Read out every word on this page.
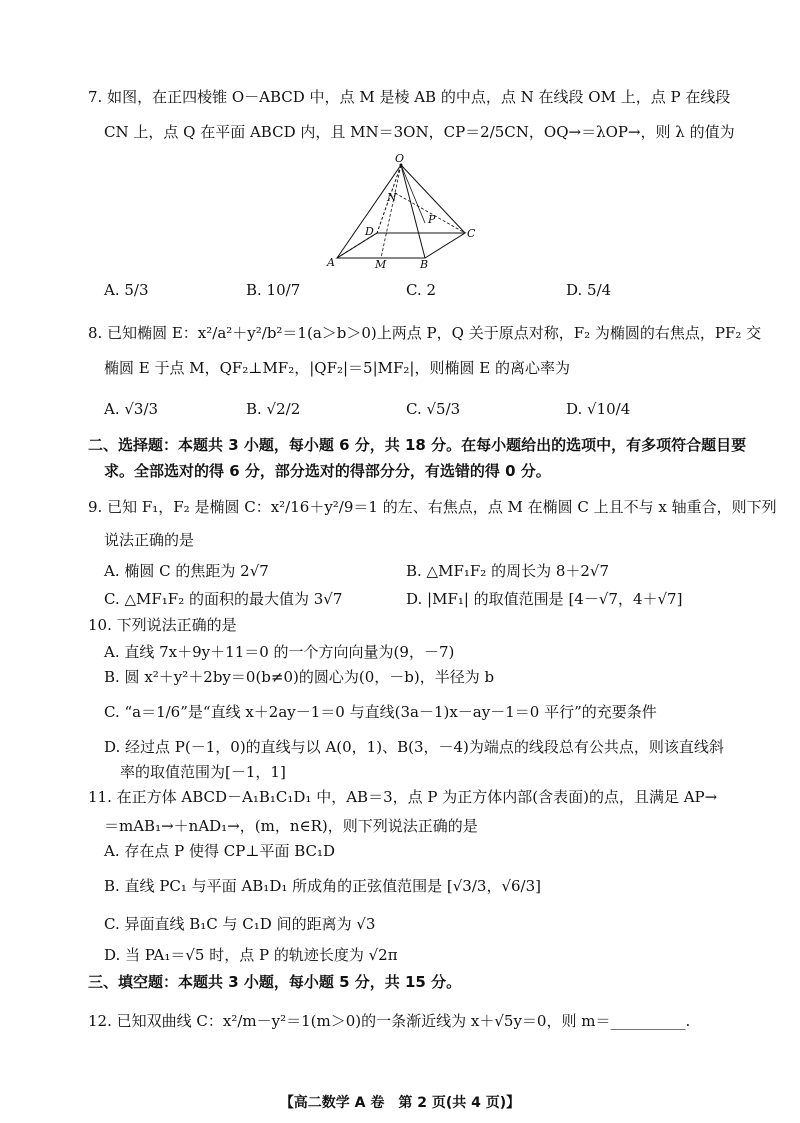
7. 如图，在正四棱锥 O－ABCD 中，点 M 是棱 AB 的中点，点 N 在线段 OM 上，点 P 在线段
CN 上，点 Q 在平面 ABCD 内，且 MN＝3ON，CP＝2/5CN，OQ→＝λOP→，则 λ 的值为
O
N
P
D	C
A	M	B
A. 5/3	B. 10/7	C. 2	D. 5/4
8. 已知椭圆 E：x²/a²＋y²/b²＝1(a＞b＞0)上两点 P，Q 关于原点对称，F₂ 为椭圆的右焦点，PF₂ 交
椭圆 E 于点 M，QF₂⊥MF₂，|QF₂|＝5|MF₂|，则椭圆 E 的离心率为
A. √3/3	B. √2/2	C. √5/3	D. √10/4
二、选择题：本题共 3 小题，每小题 6 分，共 18 分。在每小题给出的选项中，有多项符合题目要
求。全部选对的得 6 分，部分选对的得部分分，有选错的得 0 分。
9. 已知 F₁，F₂ 是椭圆 C：x²/16＋y²/9＝1 的左、右焦点，点 M 在椭圆 C 上且不与 x 轴重合，则下列
说法正确的是
A. 椭圆 C 的焦距为 2√7	B. △MF₁F₂ 的周长为 8＋2√7
C. △MF₁F₂ 的面积的最大值为 3√7	D. |MF₁| 的取值范围是 [4－√7，4＋√7]
10. 下列说法正确的是
A. 直线 7x＋9y＋11＝0 的一个方向向量为(9，－7)
B. 圆 x²＋y²＋2by＝0(b≠0)的圆心为(0，－b)，半径为 b
C. “a＝1/6”是“直线 x＋2ay－1＝0 与直线(3a－1)x－ay－1＝0 平行”的充要条件
D. 经过点 P(－1，0)的直线与以 A(0，1)、B(3，－4)为端点的线段总有公共点，则该直线斜
率的取值范围为[－1，1]
11. 在正方体 ABCD－A₁B₁C₁D₁ 中，AB＝3，点 P 为正方体内部(含表面)的点，且满足 AP→
＝mAB₁→＋nAD₁→，(m，n∈R)，则下列说法正确的是
A. 存在点 P 使得 CP⊥平面 BC₁D
B. 直线 PC₁ 与平面 AB₁D₁ 所成角的正弦值范围是 [√3/3，√6/3]
C. 异面直线 B₁C 与 C₁D 间的距离为 √3
D. 当 PA₁＝√5 时，点 P 的轨迹长度为 √2π
三、填空题：本题共 3 小题，每小题 5 分，共 15 分。
12. 已知双曲线 C：x²/m－y²＝1(m＞0)的一条渐近线为 x＋√5y＝0，则 m＝__________.
【高二数学 A 卷　第 2 页(共 4 页)】
